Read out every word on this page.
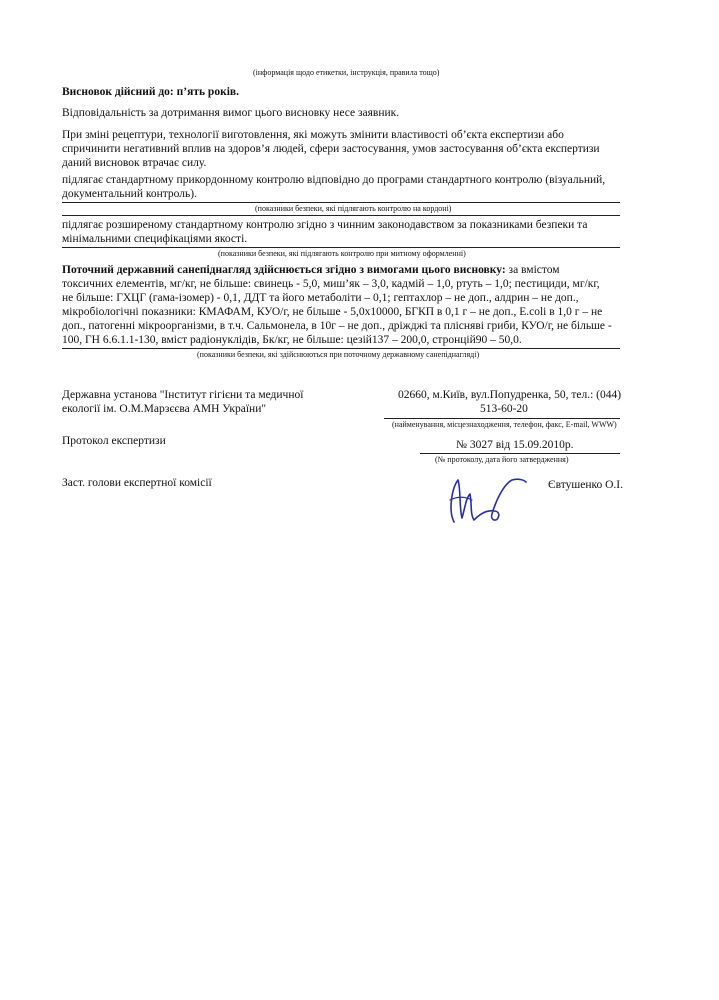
(інформація щодо етикетки, інструкція, правила тощо)
Висновок дійсний до: п’ять років.
Відповідальність за дотримання вимог цього висновку несе заявник.
При зміні рецептури, технології виготовлення, які можуть змінити властивості об’єкта експертизи або
спричинити негативний вплив на здоров’я людей, сфери застосування, умов застосування об’єкта експертизи
даний висновок втрачає силу.
підлягає стандартному прикордонному контролю відповідно до програми стандартного контролю (візуальний,
документальний контроль).
(показники безпеки, які підлягають контролю на кордоні)
підлягає розширеному стандартному контролю згідно з чинним законодавством за показниками безпеки та
мінімальними специфікаціями якості.
(показники безпеки, які підлягають контролю при митному оформленні)
Поточний державний санепіднагляд здійснюється згідно з вимогами цього висновку: за вмістом
токсичних елементів, мг/кг, не більше: свинець - 5,0, миш’як – 3,0, кадмій – 1,0, ртуть – 1,0; пестициди, мг/кг,
не більше: ГХЦГ (гама-ізомер) - 0,1, ДДТ та його метаболіти – 0,1; гептахлор – не доп., алдрин – не доп.,
мікробіологічні показники: КМАФАМ, КУО/г, не більше - 5,0х10000, БГКП в 0,1 г – не доп., E.coli в 1,0 г – не
доп., патогенні мікроорганізми, в т.ч. Сальмонела, в 10г – не доп., дріжджі та плісняві гриби, КУО/г, не більше -
100, ГН 6.6.1.1-130, вміст радіонуклідів, Бк/кг, не більше: цезій137 – 200,0, стронцій90 – 50,0.
(показники безпеки, які здійснюються при поточному державному санепіднагляді)
Державна установа "Інститут гігієни та медичної
екології ім. О.М.Марзєєва АМН України"
02660, м.Київ, вул.Попудренка, 50, тел.: (044)
513-60-20
(найменування, місцезнаходження, телефон, факс, E-mail, WWW)
Протокол експертизи	№ 3027 від 15.09.2010р.
(№ протоколу, дата його затвердження)
Заст. голови експертної комісії	Євтушенко О.І.
